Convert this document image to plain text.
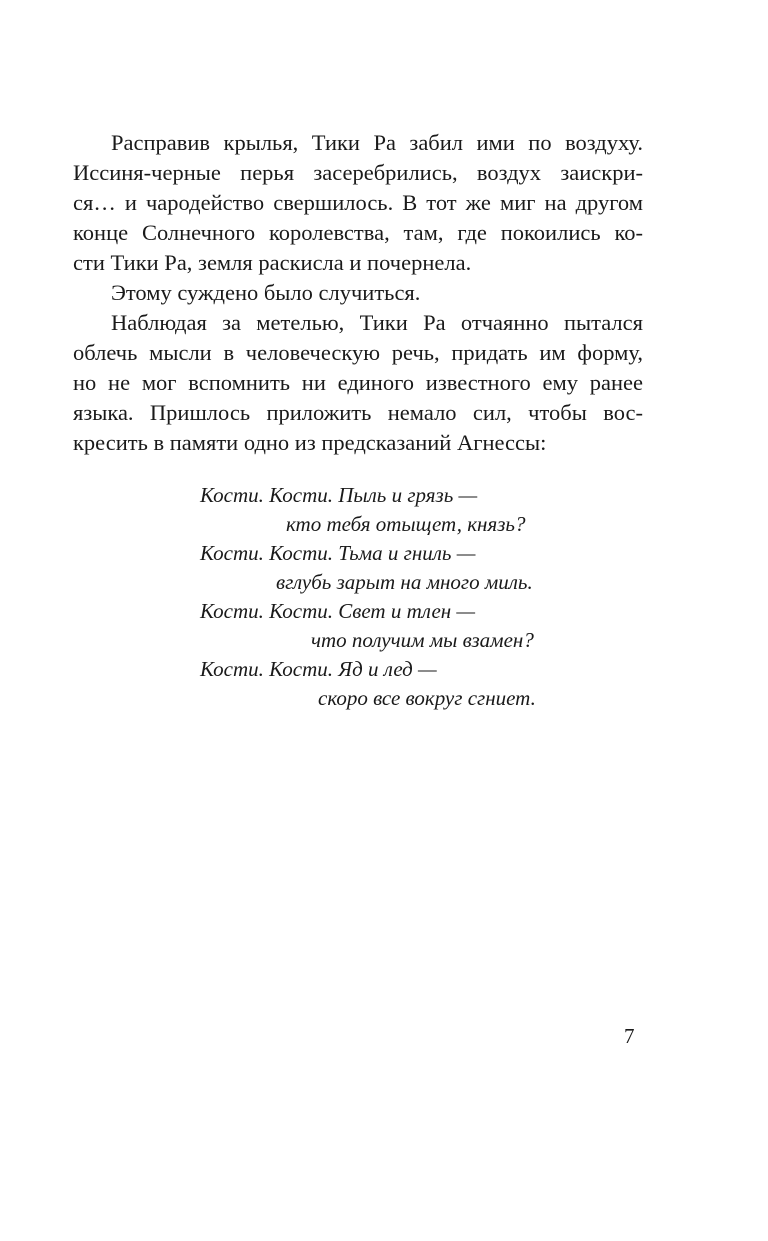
Расправив крылья, Тики Ра забил ими по воздуху.
Иссиня-черные перья засеребрились, воздух заискри-
ся… и чародейство свершилось. В тот же миг на другом
конце Солнечного королевства, там, где покоились ко-
сти Тики Ра, земля раскисла и почернела.
Этому суждено было случиться.
Наблюдая за метелью, Тики Ра отчаянно пытался
облечь мысли в человеческую речь, придать им форму,
но не мог вспомнить ни единого известного ему ранее
языка. Пришлось приложить немало сил, чтобы вос-
кресить в памяти одно из предсказаний Агнессы:
Кости. Кости. Пыль и грязь —
кто тебя отыщет, князь?
Кости. Кости. Тьма и гниль —
вглубь зарыт на много миль.
Кости. Кости. Свет и тлен —
что получим мы взамен?
Кости. Кости. Яд и лед —
скоро все вокруг сгниет.
7
